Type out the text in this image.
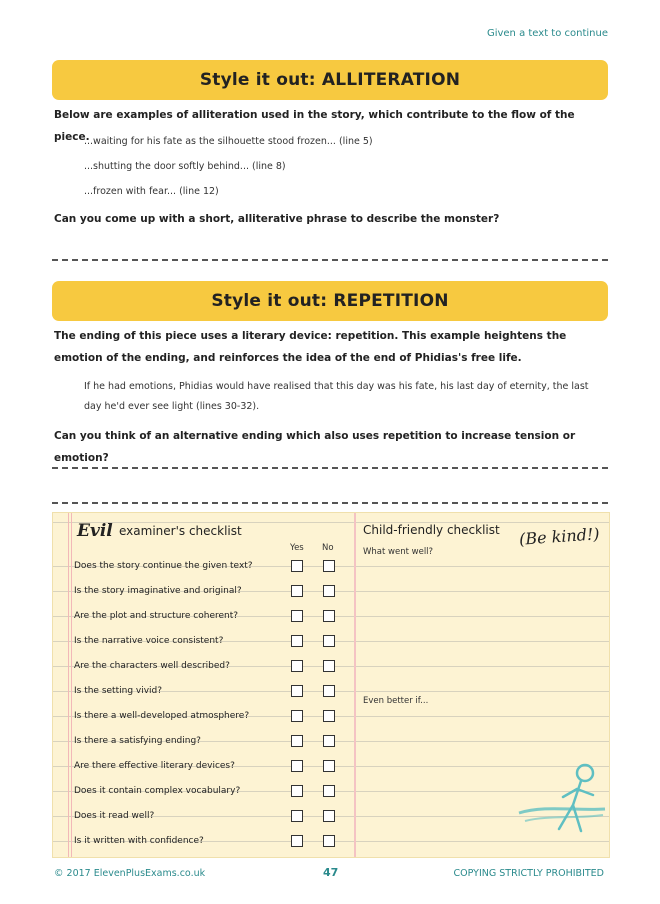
Given a text to continue
Style it out: ALLITERATION
Below are examples of alliteration used in the story, which contribute to the flow of the piece.
...waiting for his fate as the silhouette stood frozen... (line 5)
...shutting the door softly behind... (line 8)
...frozen with fear... (line 12)
Can you come up with a short, alliterative phrase to describe the monster?
Style it out: REPETITION
The ending of this piece uses a literary device: repetition. This example heightens the emotion of the ending, and reinforces the idea of the end of Phidias's free life.
If he had emotions, Phidias would have realised that this day was his fate, his last day of eternity, the last day he'd ever see light (lines 30-32).
Can you think of an alternative ending which also uses repetition to increase tension or emotion?
Evil examiner's checklist
Yes No
Does the story continue the given text?
Is the story imaginative and original?
Are the plot and structure coherent?
Is the narrative voice consistent?
Are the characters well described?
Is the setting vivid?
Is there a well-developed atmosphere?
Is there a satisfying ending?
Are there effective literary devices?
Does it contain complex vocabulary?
Does it read well?
Is it written with confidence?
Child-friendly checklist (Be kind!)
What went well?
Even better if...
© 2017 ElevenPlusExams.co.uk	47	COPYING STRICTLY PROHIBITED
